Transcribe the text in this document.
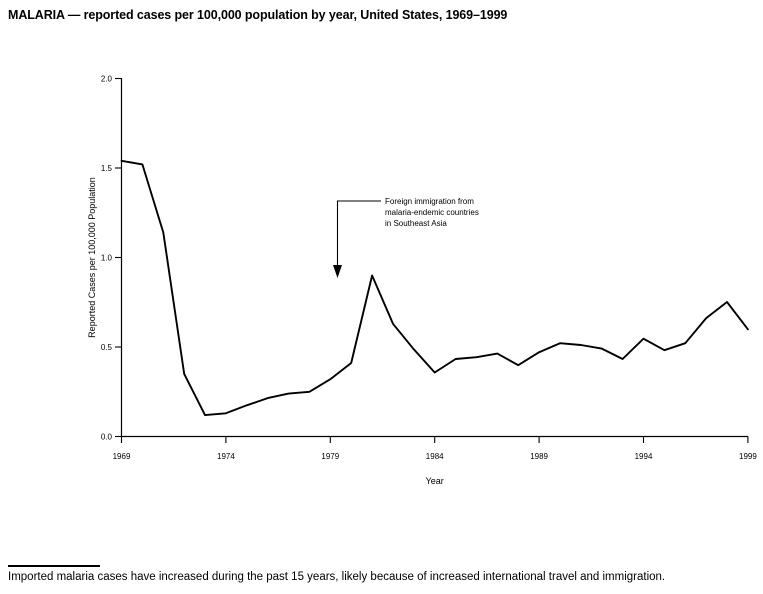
MALARIA — reported cases per 100,000 population by year, United States, 1969–1999
0.0
0.5
1.0
1.5
2.0
1969	1974	1979	1984	1989	1994	1999
Year
Reported Cases per 100,000 Population	Foreign immigration from
malaria-endemic countries
in Southeast Asia
Imported malaria cases have increased during the past 15 years, likely because of increased international travel and immigration.
